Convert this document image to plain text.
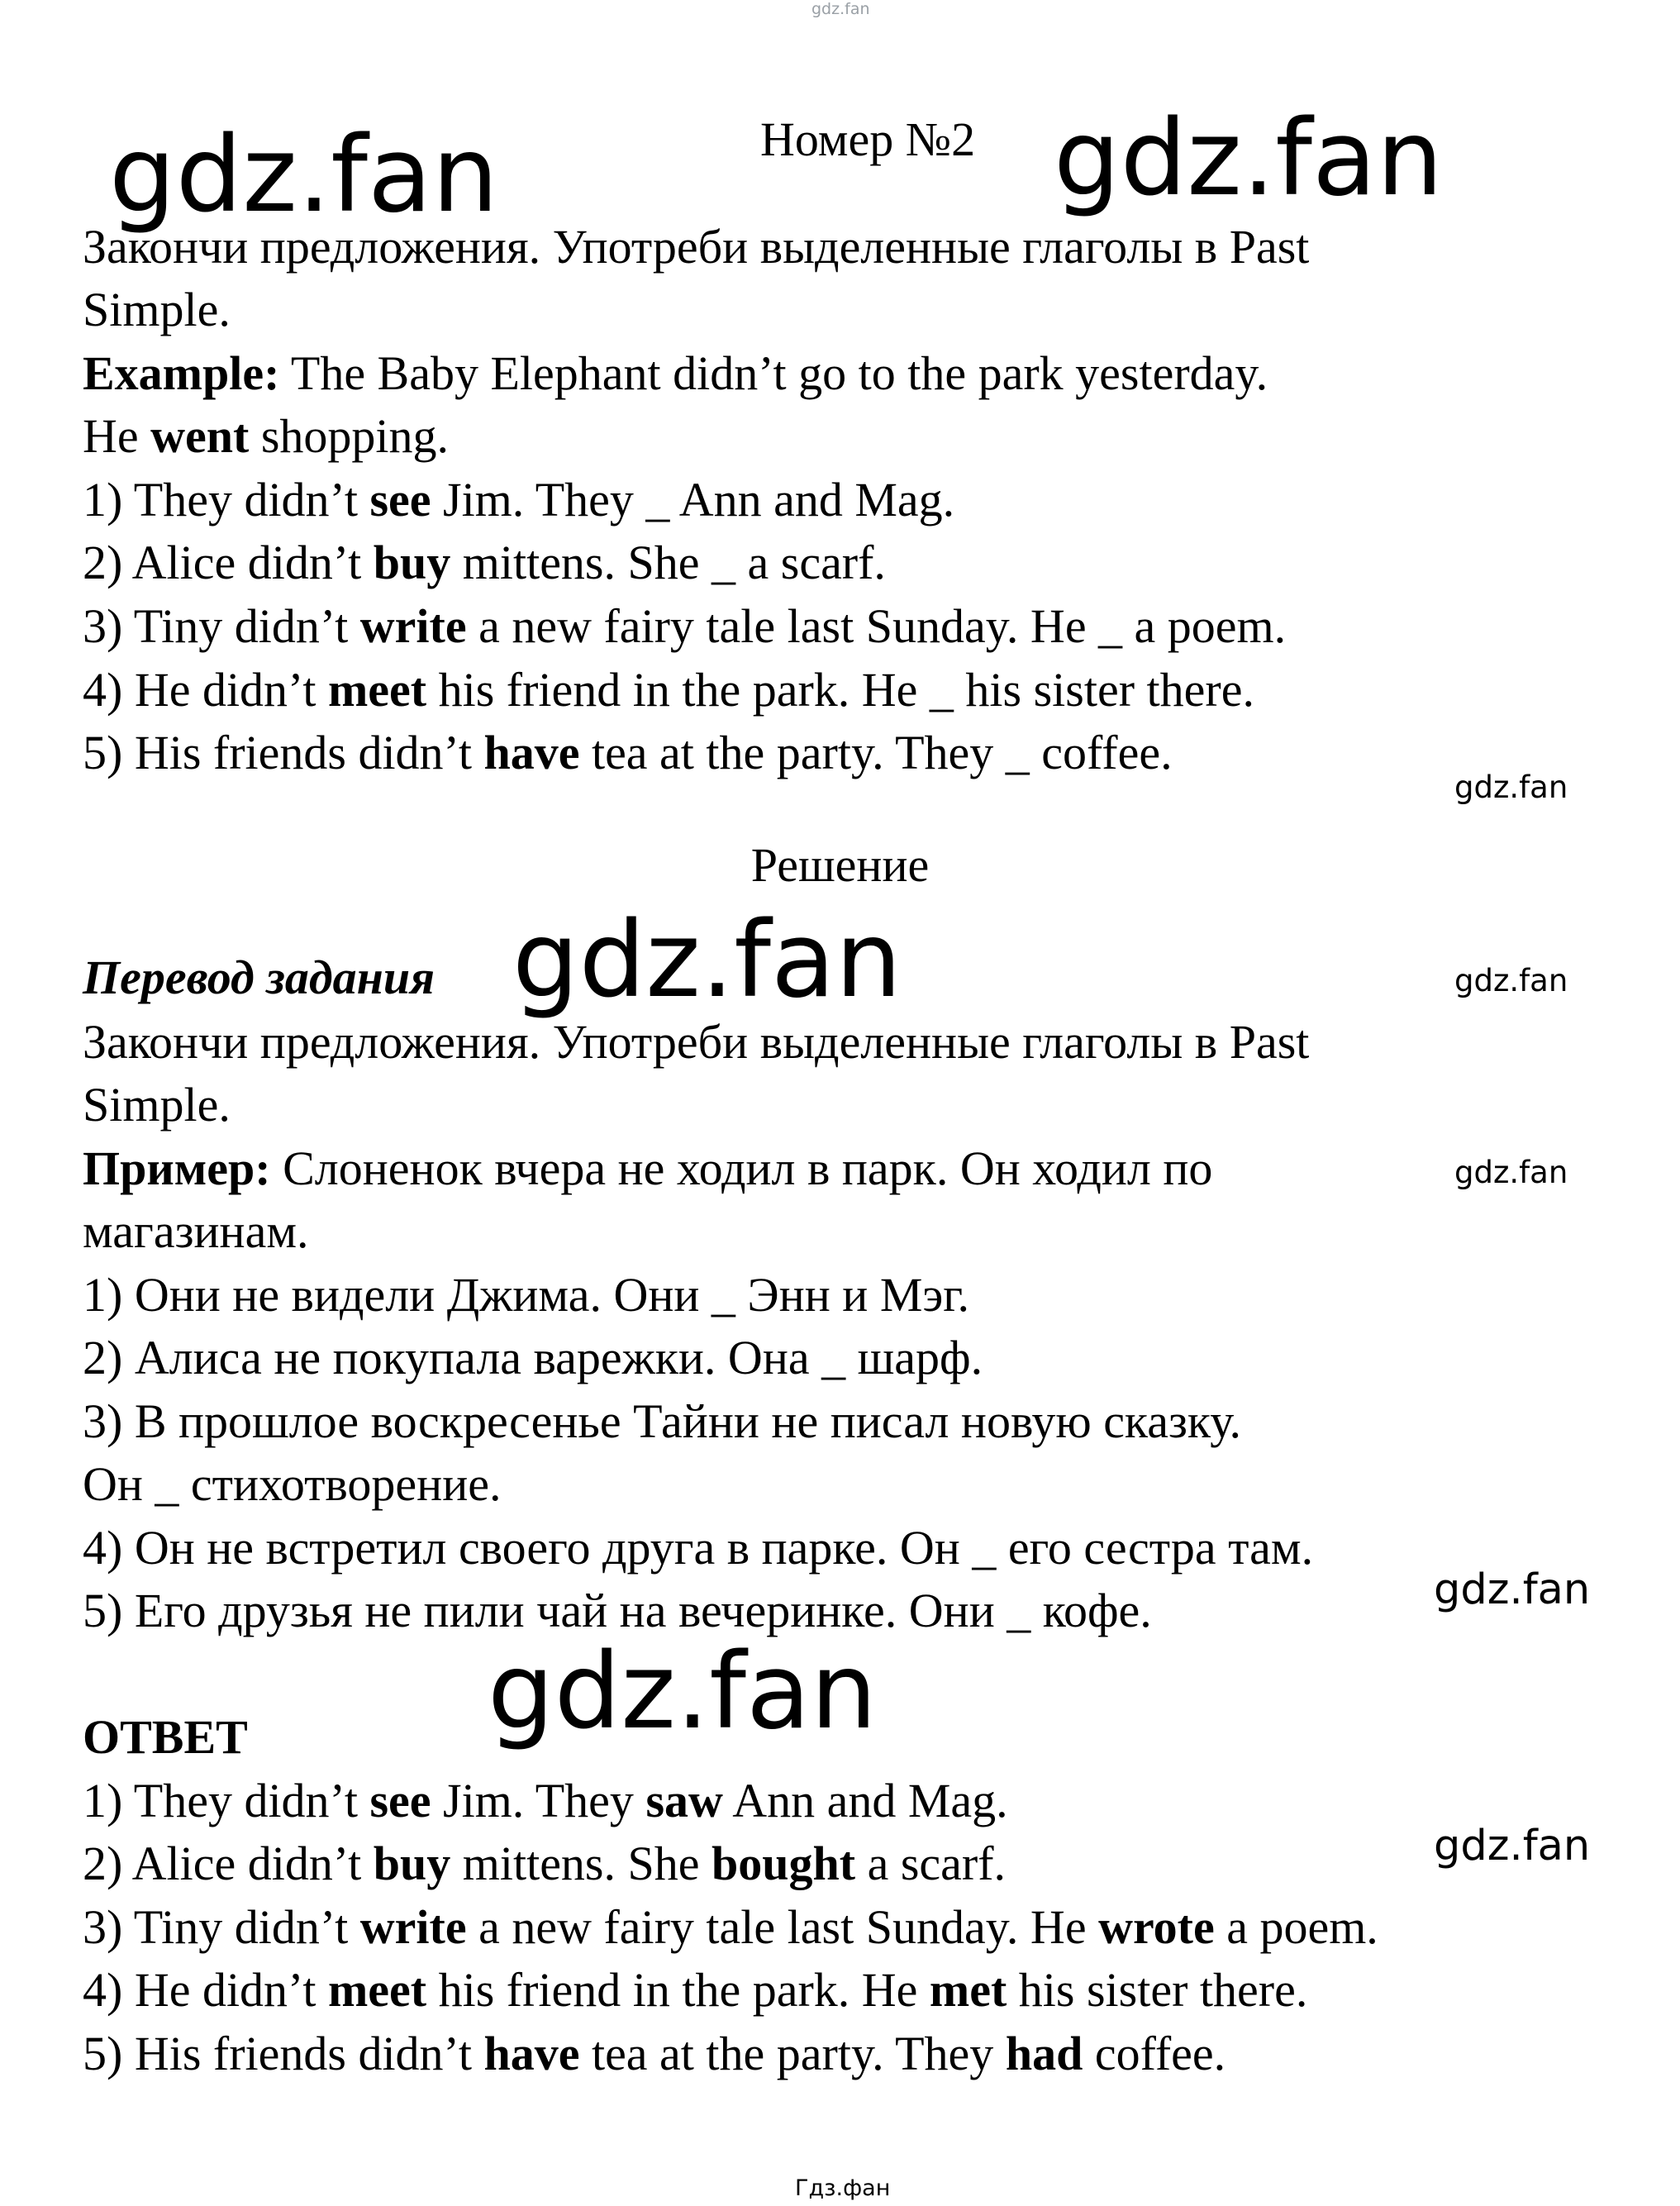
gdz.fan
gdz.fan	gdz.fan
gdz.fan
gdz.fan	gdz.fan
gdz.fan
gdz.fan
gdz.fan
gdz.fan
Гдз.фан
Номер №2
Закончи предложения. Употреби выделенные глаголы в Past
Simple.
Example: The Baby Elephant didn’t go to the park yesterday.
He went shopping.
1) They didn’t see Jim. They _ Ann and Mag.
2) Alice didn’t buy mittens. She _ a scarf.
3) Tiny didn’t write a new fairy tale last Sunday. He _ a poem.
4) He didn’t meet his friend in the park. He _ his sister there.
5) His friends didn’t have tea at the party. They _ coffee.
Решение
Перевод задания
Закончи предложения. Употреби выделенные глаголы в Past
Simple.
Пример: Слоненок вчера не ходил в парк. Он ходил по
магазинам.
1) Они не видели Джима. Они _ Энн и Мэг.
2) Алиса не покупала варежки. Она _ шарф.
3) В прошлое воскресенье Тайни не писал новую сказку.
Он _ стихотворение.
4) Он не встретил своего друга в парке. Он _ его сестра там.
5) Его друзья не пили чай на вечеринке. Они _ кофе.
ОТВЕТ
1) They didn’t see Jim. They saw Ann and Mag.
2) Alice didn’t buy mittens. She bought a scarf.
3) Tiny didn’t write a new fairy tale last Sunday. He wrote a poem.
4) He didn’t meet his friend in the park. He met his sister there.
5) His friends didn’t have tea at the party. They had coffee.
